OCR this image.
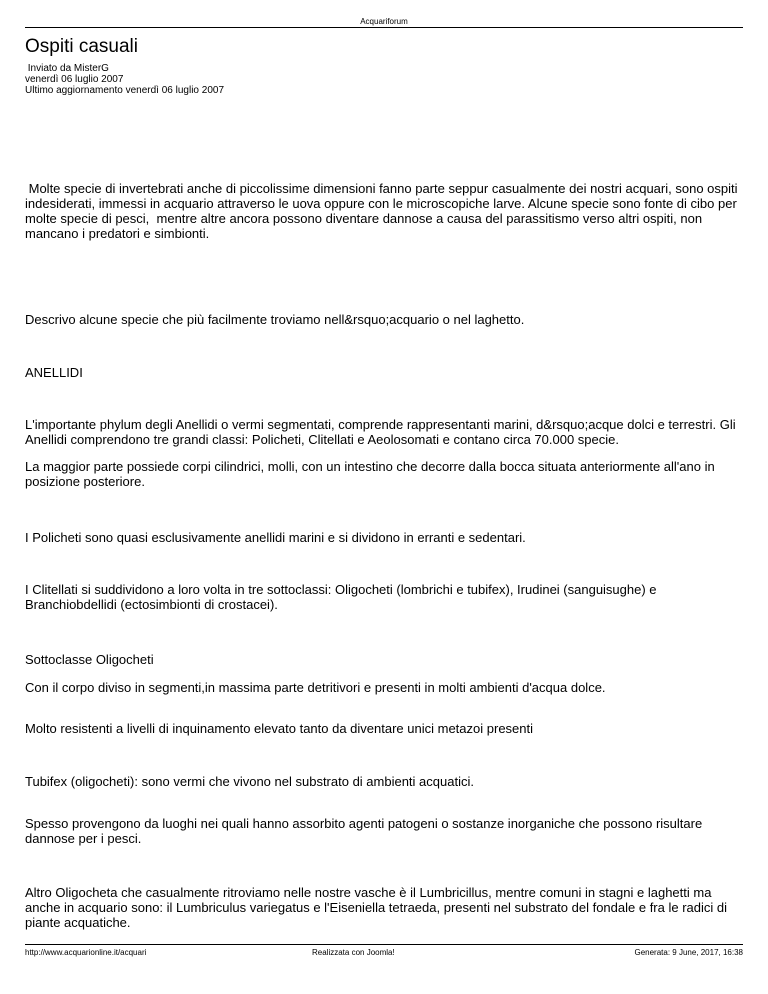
Acquariforum
Ospiti casuali
Inviato da MisterG
venerdì 06 luglio 2007
Ultimo aggiornamento venerdì 06 luglio 2007

Molte specie di invertebrati anche di piccolissime dimensioni fanno parte seppur casualmente dei nostri acquari, sono ospiti indesiderati, immessi in acquario attraverso le uova oppure con le microscopiche larve. Alcune specie sono fonte di cibo per molte specie di pesci,  mentre altre ancora possono diventare dannose a causa del parassitismo verso altri ospiti, non mancano i predatori e simbionti.

Descrivo alcune specie che più facilmente troviamo nell&rsquo;acquario o nel laghetto.

ANELLIDI

L'importante phylum degli Anellidi o vermi segmentati, comprende rappresentanti marini, d&rsquo;acque dolci e terrestri. Gli Anellidi comprendono tre grandi classi: Policheti, Clitellati e Aeolosomati e contano circa 70.000 specie.

La maggior parte possiede corpi cilindrici, molli, con un intestino che decorre dalla bocca situata anteriormente all'ano in posizione posteriore.

I Policheti sono quasi esclusivamente anellidi marini e si dividono in erranti e sedentari.

I Clitellati si suddividono a loro volta in tre sottoclassi: Oligocheti (lombrichi e tubifex), Irudinei (sanguisughe) e Branchiobdellidi (ectosimbionti di crostacei).

Sottoclasse Oligocheti

Con il corpo diviso in segmenti,in massima parte detritivori e presenti in molti ambienti d'acqua dolce.

Molto resistenti a livelli di inquinamento elevato tanto da diventare unici metazoi presenti

Tubifex (oligocheti): sono vermi che vivono nel substrato di ambienti acquatici.

Spesso provengono da luoghi nei quali hanno assorbito agenti patogeni o sostanze inorganiche che possono risultare dannose per i pesci.

Altro Oligocheta che casualmente ritroviamo nelle nostre vasche è il Lumbricillus, mentre comuni in stagni e laghetti ma anche in acquario sono: il Lumbriculus variegatus e l'Eiseniella tetraeda, presenti nel substrato del fondale e fra le radici di piante acquatiche.

http://www.acquarionline.it/acquari	Realizzata con Joomla!	Generata: 9 June, 2017, 16:38
